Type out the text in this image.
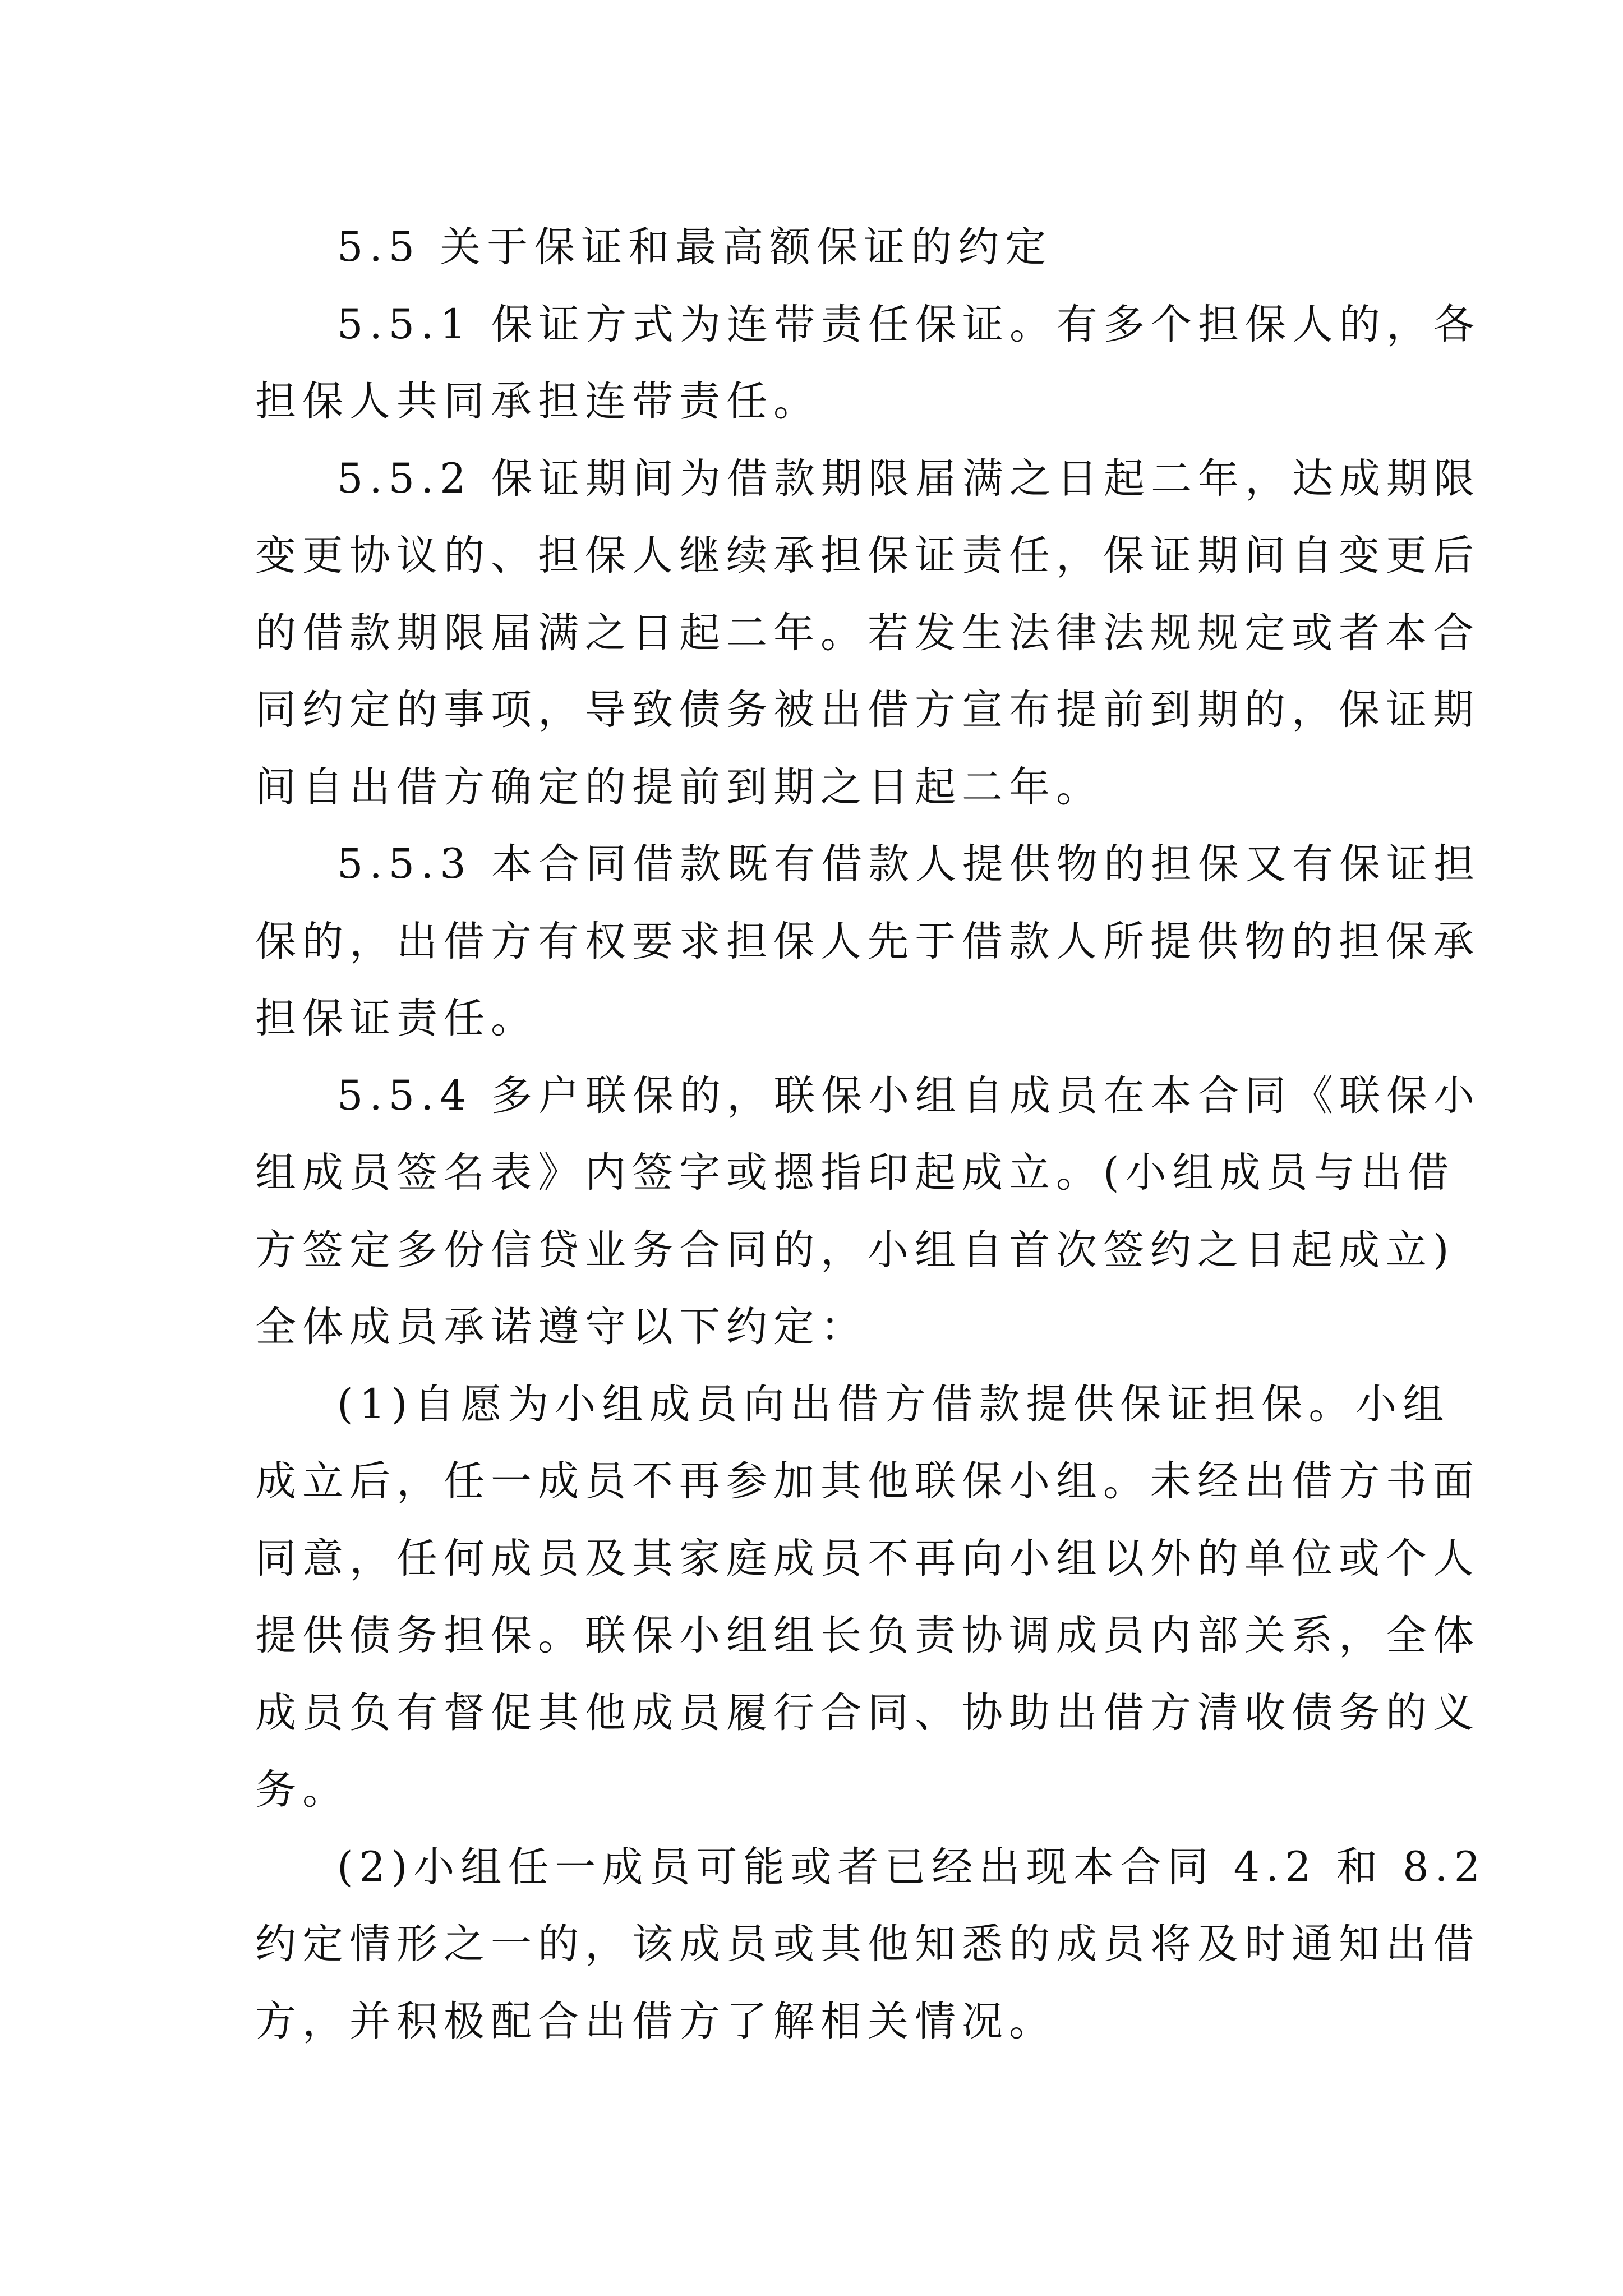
5.5 关于保证和最高额保证的约定

5.5.1 保证方式为连带责任保证。有多个担保人的，各
担保人共同承担连带责任。

5.5.2 保证期间为借款期限届满之日起二年，达成期限
变更协议的、担保人继续承担保证责任，保证期间自变更后
的借款期限届满之日起二年。若发生法律法规规定或者本合
同约定的事项，导致债务被出借方宣布提前到期的，保证期
间自出借方确定的提前到期之日起二年。

5.5.3 本合同借款既有借款人提供物的担保又有保证担
保的，出借方有权要求担保人先于借款人所提供物的担保承
担保证责任。

5.5.4 多户联保的，联保小组自成员在本合同《联保小
组成员签名表》内签字或摁指印起成立。(小组成员与出借
方签定多份信贷业务合同的，小组自首次签约之日起成立)
全体成员承诺遵守以下约定：

(1)自愿为小组成员向出借方借款提供保证担保。小组
成立后，任一成员不再参加其他联保小组。未经出借方书面
同意，任何成员及其家庭成员不再向小组以外的单位或个人
提供债务担保。联保小组组长负责协调成员内部关系，全体
成员负有督促其他成员履行合同、协助出借方清收债务的义
务。

(2)小组任一成员可能或者已经出现本合同 4.2 和 8.2
约定情形之一的，该成员或其他知悉的成员将及时通知出借
方，并积极配合出借方了解相关情况。
